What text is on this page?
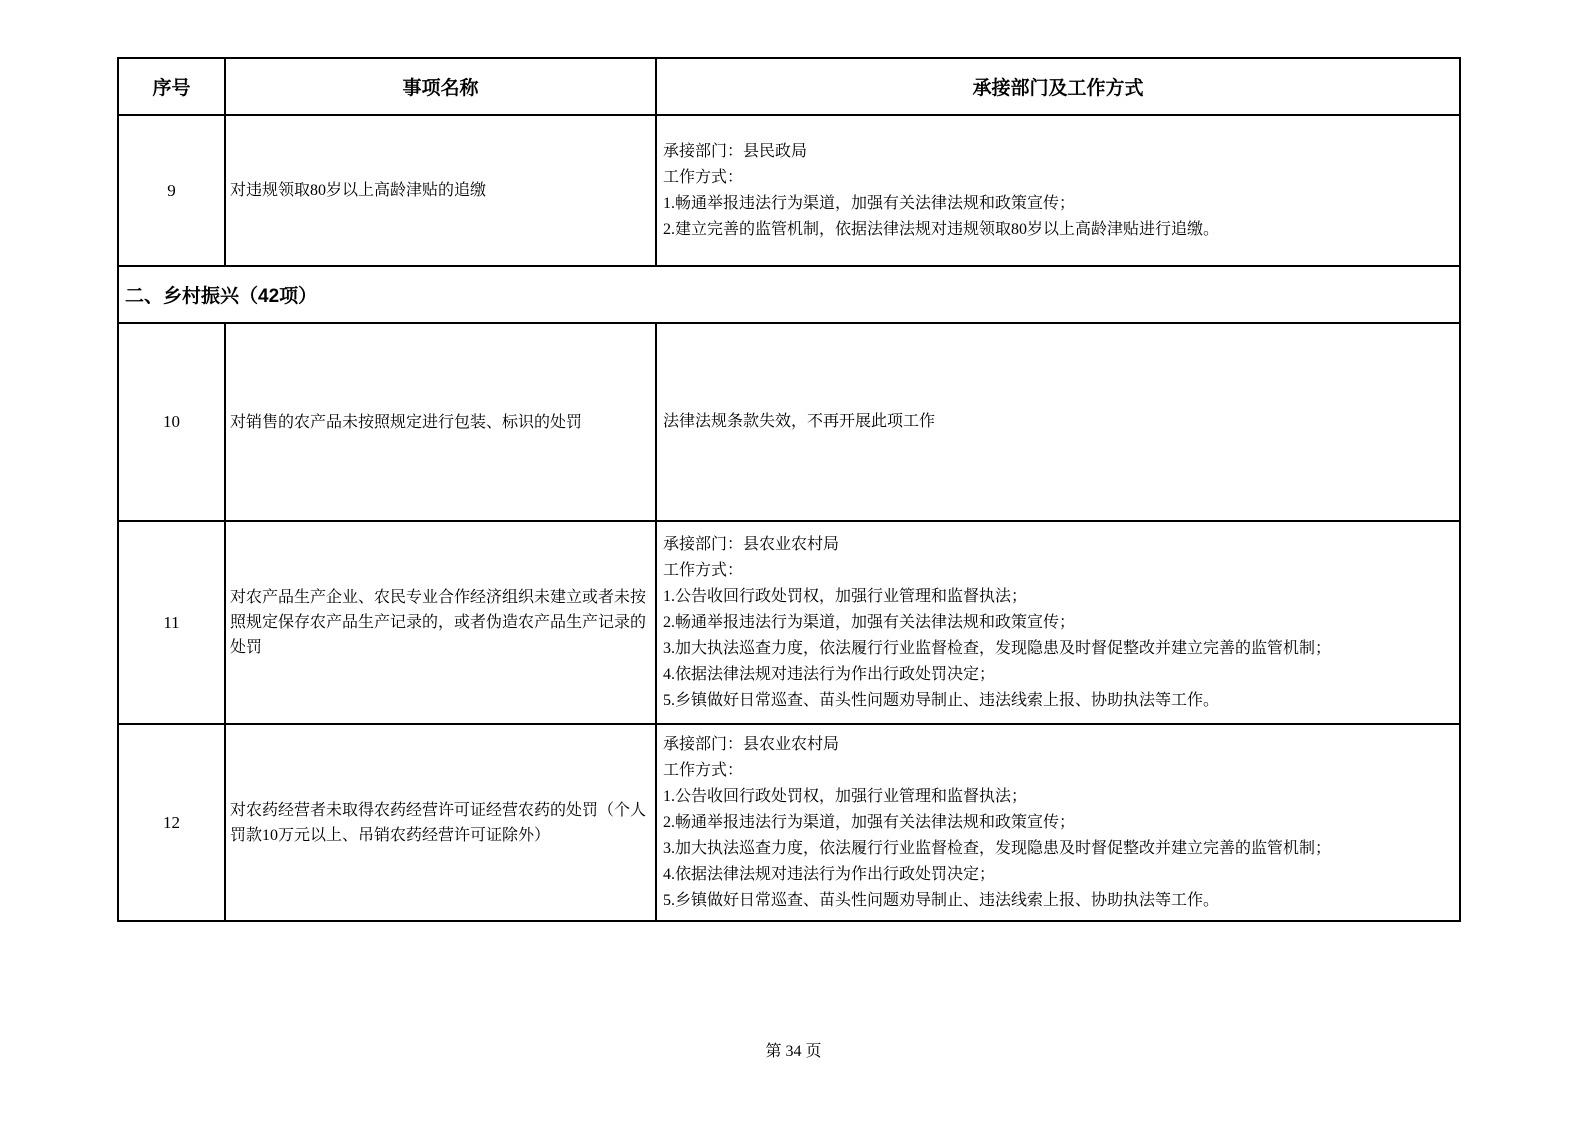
序号	事项名称	承接部门及工作方式
9	对违规领取80岁以上高龄津贴的追缴	承接部门：县民政局
工作方式：
1.畅通举报违法行为渠道，加强有关法律法规和政策宣传；
2.建立完善的监管机制，依据法律法规对违规领取80岁以上高龄津贴进行追缴。

二、乡村振兴（42项）		
10	对销售的农产品未按照规定进行包装、标识的处罚	法律法规条款失效，不再开展此项工作

11	对农产品生产企业、农民专业合作经济组织未建立或者未按照规定保存农产品生产记录的，或者伪造农产品生产记录的处罚	
承接部门：县农业农村局
工作方式：
1.公告收回行政处罚权，加强行业管理和监督执法；
2.畅通举报违法行为渠道，加强有关法律法规和政策宣传；
3.加大执法巡查力度，依法履行行业监督检查，发现隐患及时督促整改并建立完善的监管机制；
4.依据法律法规对违法行为作出行政处罚决定；
5.乡镇做好日常巡查、苗头性问题劝导制止、违法线索上报、协助执法等工作。

12	对农药经营者未取得农药经营许可证经营农药的处罚（个人罚款10万元以上、吊销农药经营许可证除外）	
承接部门：县农业农村局
工作方式：
1.公告收回行政处罚权，加强行业管理和监督执法；
2.畅通举报违法行为渠道，加强有关法律法规和政策宣传；
3.加大执法巡查力度，依法履行行业监督检查，发现隐患及时督促整改并建立完善的监管机制；
4.依据法律法规对违法行为作出行政处罚决定；
5.乡镇做好日常巡查、苗头性问题劝导制止、违法线索上报、协助执法等工作。
第 34 页
